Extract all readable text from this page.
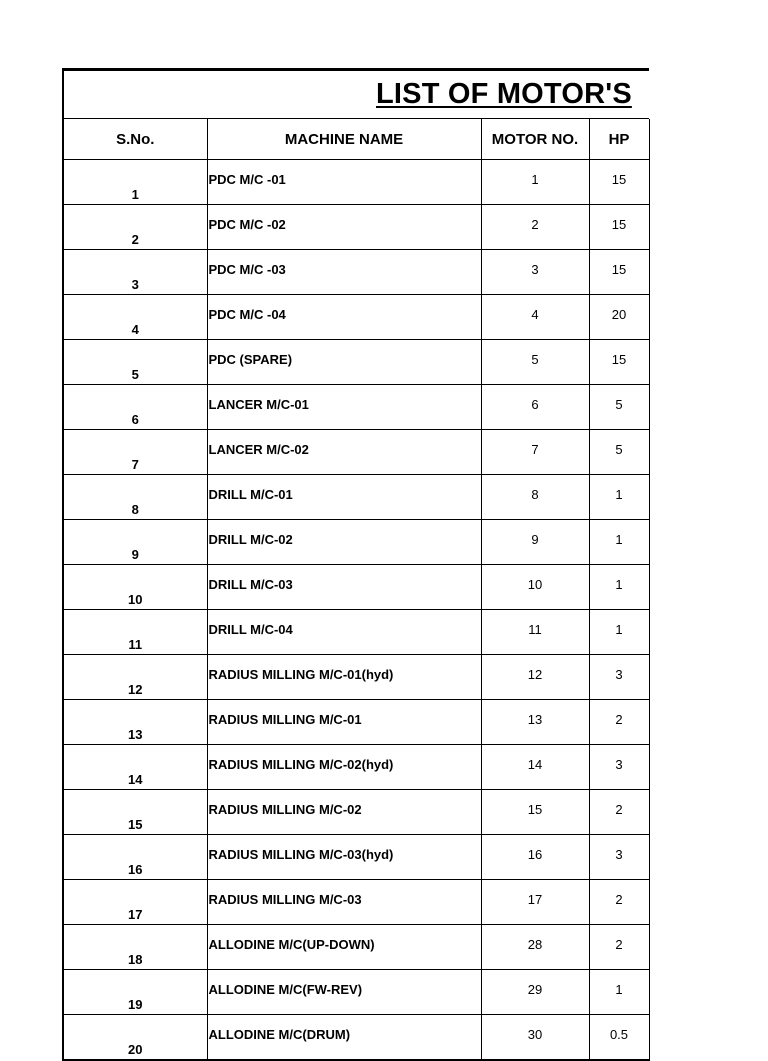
LIST OF MOTOR'S
S.No.	MACHINE NAME	MOTOR NO.	HP
1	PDC M/C -01	1	15
2	PDC M/C -02	2	15
3	PDC M/C -03	3	15
4	PDC M/C -04	4	20
5	PDC (SPARE)	5	15
6	LANCER M/C-01	6	5
7	LANCER M/C-02	7	5
8	DRILL M/C-01	8	1
9	DRILL M/C-02	9	1
10	DRILL M/C-03	10	1
11	DRILL M/C-04	11	1
12	RADIUS MILLING M/C-01(hyd)	12	3
13	RADIUS MILLING M/C-01	13	2
14	RADIUS MILLING M/C-02(hyd)	14	3
15	RADIUS MILLING M/C-02	15	2
16	RADIUS MILLING M/C-03(hyd)	16	3
17	RADIUS MILLING M/C-03	17	2
18	ALLODINE M/C(UP-DOWN)	28	2
19	ALLODINE M/C(FW-REV)	29	1
20	ALLODINE M/C(DRUM)	30	0.5
